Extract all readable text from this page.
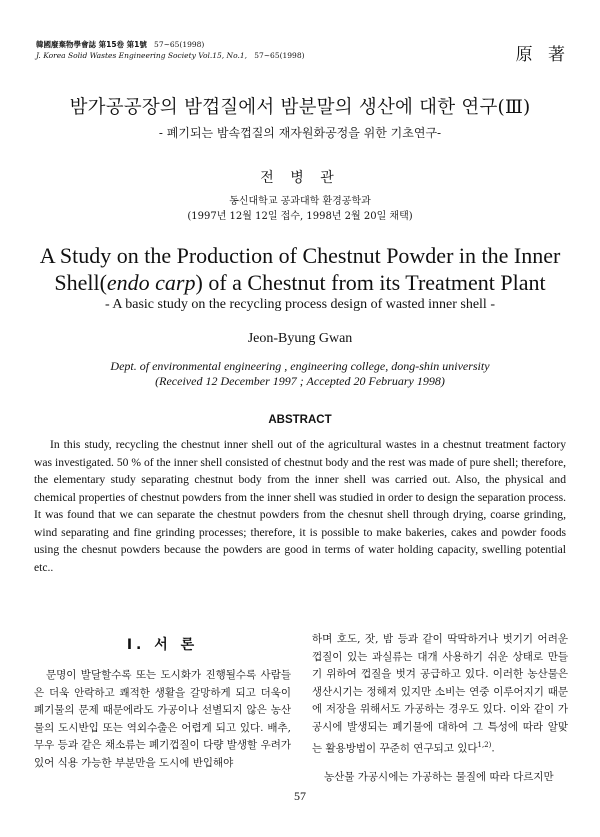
韓國廢棄物學會誌 第15卷 第1號 57~65(1998)
J. Korea Solid Wastes Engineering Society Vol.15, No.1, 57~65(1998)	原 著
밤가공공장의 밤껍질에서 밤분말의 생산에 대한 연구(Ⅲ)
- 폐기되는 밤속껍질의 재자원화공정을 위한 기초연구-
전 병 관
동신대학교 공과대학 환경공학과
(1997년 12월 12일 접수, 1998년 2월 20일 채택)
A Study on the Production of Chestnut Powder in the Inner
Shell(endo carp) of a Chestnut from its Treatment Plant
- A basic study on the recycling process design of wasted inner shell -
Jeon-Byung Gwan
Dept. of environmental engineering , engineering college, dong-shin university
(Received 12 December 1997 ; Accepted 20 February 1998)
ABSTRACT

In this study, recycling the chestnut inner shell out of the agricultural wastes in a chestnut treatment factory was investigated. 50 % of the inner shell consisted of chestnut body and the rest was made of pure shell; therefore, the elementary study separating chestnut body from the inner shell was carried out. Also, the physical and chemical properties of chestnut powders from the inner shell was studied in order to design the separation process. It was found that we can separate the chestnut powders from the chesnut shell through drying, coarse grinding, wind separating and fine grinding processes; therefore, it is possible to make bakeries, cakes and powder foods using the chesnut powders because the powders are good in terms of water holding capacity, swelling potential etc..

Ⅰ. 서 론

문명이 발달할수록 또는 도시화가 진행될수록 사람들은 더욱 안락하고 쾌적한 생활을 갈망하게 되고 더욱이 폐기물의 문제 때문에라도 가공이나 선별되지 않은 농산물의 도시반입 또는 역외수출은 어렵게 되고 있다. 배추, 무우 등과 같은 채소류는 폐기껍질이 다량 발생할 우려가 있어 식용 가능한 부분만을 도시에 반입해야

하며 호도, 잣, 밤 등과 같이 딱딱하거나 벗기기 어려운 껍질이 있는 과실류는 대개 사용하기 쉬운 상태로 만들기 위하여 껍질을 벗겨 공급하고 있다. 이러한 농산물은 생산시기는 정해져 있지만 소비는 연중 이루어지기 때문에 저장을 위해서도 가공하는 경우도 있다. 이와 같이 가공시에 발생되는 폐기물에 대하여 그 특성에 따라 알맞는 활용방법이 꾸준히 연구되고 있다$^{1,2)}$.

농산물 가공시에는 가공하는 물질에 따라 다르지만

57
